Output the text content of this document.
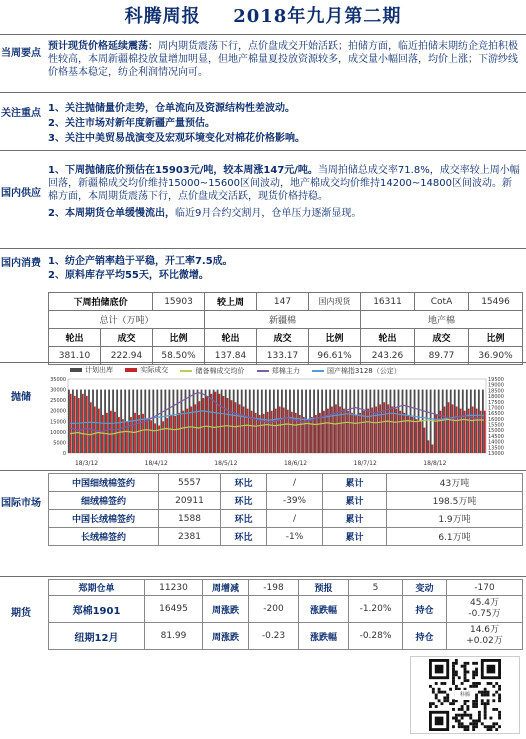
科腾周报 2018年九月第二期
当周要点
预计现货价格延续震荡：周内期货震荡下行，点价盘成交开始活跃；拍储方面，临近拍储末期纺企竞拍积极性较高，本周新疆棉投放量增加明显，但地产棉量夏投放资源较多，成交量小幅回落，均价上涨；下游纱线价格基本稳定，纺企利润情况向可。
关注重点 1、关注抛储量价走势，仓单流向及资源结构性差波动。
2、关注市场对新年度新疆产量预估。
3、关注中美贸易战演变及宏观环境变化对棉花价格影响。
国内供应
1、下周抛储底价预估在15903元/吨，较本周涨147元/吨。当周拍储总成交率71.8%，成交率较上周小幅回落，新疆棉成交均价维持15000~15600区间波动，地产棉成交均价维持14200~14800区间波动。新棉方面，本周期货震荡下行，点价盘成交活跃，现货价格持稳。
2、本周期货仓单缓慢流出，临近9月合约交割月，仓单压力逐渐显现。
国内消费 1、纺企产销率趋于平稳，开工率7.5成。
2、原料库存平均55天，环比微增。
下周拍储底价		15903	较上周	147	国内现货	16311	CotA	15496
总计（万吨）			新疆棉			地产棉		
轮出	成交	比例	轮出	成交	比例	轮出	成交	比例
381.10	222.94	58.50%	137.84	133.17	96.61%	243.26	89.77	36.90%
抛储
计划出库
	实际成交
	储备棉成交均价
	郑棉主力
	国产棉指3128（公定）
0
5000
10000
15000
20000
25000
30000
35000
13000
13500
14000
14500
15000
15500
16000
16500
17000
17500
18000
18500
19000
19500
18/3/12	18/4/12	18/5/12	18/6/12	18/7/12	18/8/12
国际市场
中国细绒棉签约	5557	环比	/	累计	43万吨
细绒棉签约	20911	环比	-39%	累计	198.5万吨
中国长绒棉签约	1588	环比	/	累计	1.9万吨
长绒棉签约	2381	环比	-1%	累计	6.1万吨
期货
郑期仓单	11230	周增减	-198	预报	5	变动	-170
郑棉1901	16495	周涨跌	-200	涨跌幅	-1.20%	持仓	45.4万
-0.75万

纽期12月	81.99	周涨跌	-0.23	涨跌幅	-0.28%	持仓	14.6万
+0.02万
科腾
